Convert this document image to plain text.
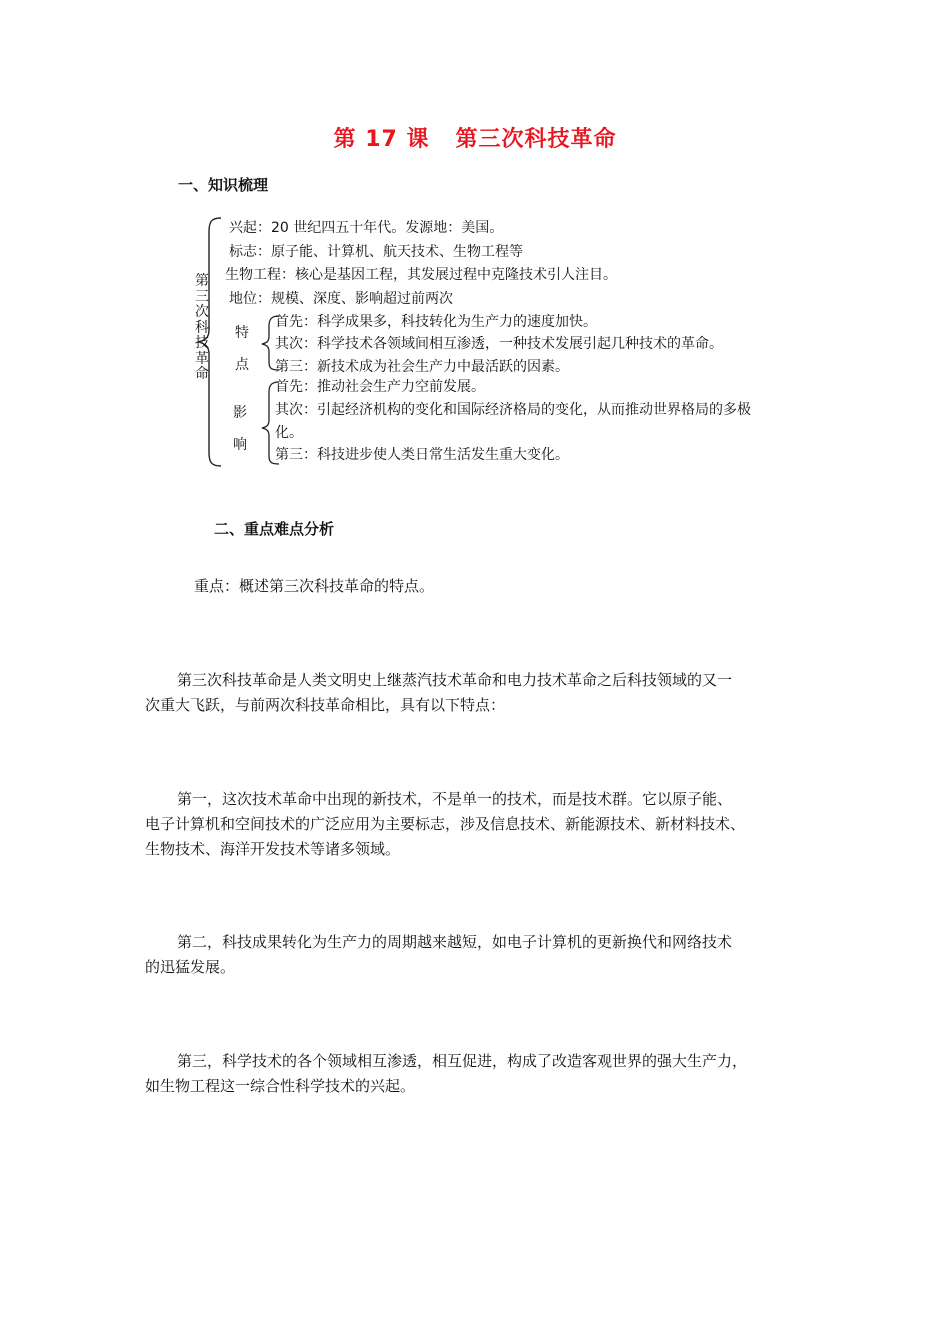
第 17 课 第三次科技革命
一、知识梳理
第
三
次
科
技
革
命
兴起：20 世纪四五十年代。发源地：美国。
标志：原子能、计算机、航天技术、生物工程等
生物工程：核心是基因工程，其发展过程中克隆技术引人注目。
地位：规模、深度、影响超过前两次
特
点
首先：科学成果多，科技转化为生产力的速度加快。
其次：科学技术各领域间相互渗透，一种技术发展引起几种技术的革命。
第三：新技术成为社会生产力中最活跃的因素。
影
响
首先：推动社会生产力空前发展。
其次：引起经济机构的变化和国际经济格局的变化，从而推动世界格局的多极
化。
第三：科技进步使人类日常生活发生重大变化。
二、重点难点分析
重点：概述第三次科技革命的特点。

第三次科技革命是人类文明史上继蒸汽技术革命和电力技术革命之后科技领域的又一

次重大飞跃，与前两次科技革命相比，具有以下特点：

第一，这次技术革命中出现的新技术，不是单一的技术，而是技术群。它以原子能、

电子计算机和空间技术的广泛应用为主要标志，涉及信息技术、新能源技术、新材料技术、

生物技术、海洋开发技术等诸多领域。

第二，科技成果转化为生产力的周期越来越短，如电子计算机的更新换代和网络技术

的迅猛发展。

第三，科学技术的各个领域相互渗透，相互促进，构成了改造客观世界的强大生产力，

如生物工程这一综合性科学技术的兴起。
